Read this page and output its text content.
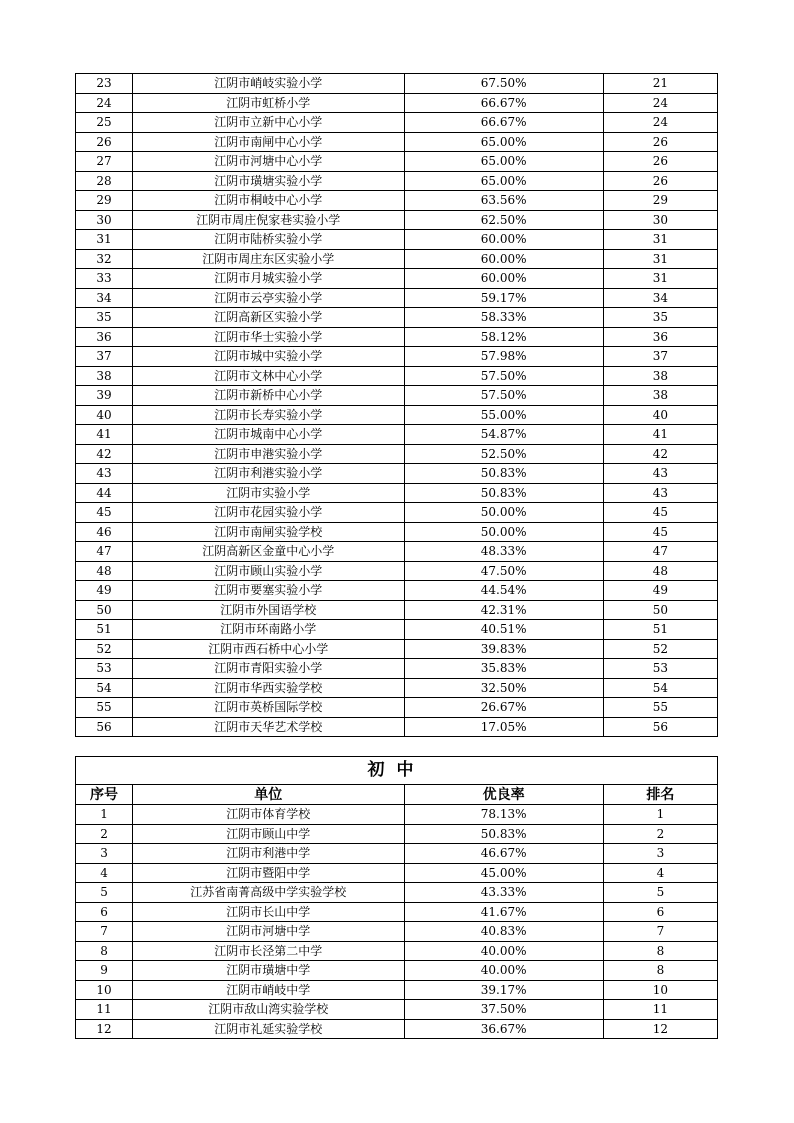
23	江阴市峭岐实验小学	67.50%	21
24	江阴市虹桥小学	66.67%	24
25	江阴市立新中心小学	66.67%	24
26	江阴市南闸中心小学	65.00%	26
27	江阴市河塘中心小学	65.00%	26
28	江阴市璜塘实验小学	65.00%	26
29	江阴市桐岐中心小学	63.56%	29
30	江阴市周庄倪家巷实验小学	62.50%	30
31	江阴市陆桥实验小学	60.00%	31
32	江阴市周庄东区实验小学	60.00%	31
33	江阴市月城实验小学	60.00%	31
34	江阴市云亭实验小学	59.17%	34
35	江阴高新区实验小学	58.33%	35
36	江阴市华士实验小学	58.12%	36
37	江阴市城中实验小学	57.98%	37
38	江阴市文林中心小学	57.50%	38
39	江阴市新桥中心小学	57.50%	38
40	江阴市长寿实验小学	55.00%	40
41	江阴市城南中心小学	54.87%	41
42	江阴市申港实验小学	52.50%	42
43	江阴市利港实验小学	50.83%	43
44	江阴市实验小学	50.83%	43
45	江阴市花园实验小学	50.00%	45
46	江阴市南闸实验学校	50.00%	45
47	江阴高新区金童中心小学	48.33%	47
48	江阴市顾山实验小学	47.50%	48
49	江阴市要塞实验小学	44.54%	49
50	江阴市外国语学校	42.31%	50
51	江阴市环南路小学	40.51%	51
52	江阴市西石桥中心小学	39.83%	52
53	江阴市青阳实验小学	35.83%	53
54	江阴市华西实验学校	32.50%	54
55	江阴市英桥国际学校	26.67%	55
56	江阴市天华艺术学校	17.05%	56
初中			
序号	单位	优良率	排名
1	江阴市体育学校	78.13%	1
2	江阴市顾山中学	50.83%	2
3	江阴市利港中学	46.67%	3
4	江阴市暨阳中学	45.00%	4
5	江苏省南菁高级中学实验学校	43.33%	5
6	江阴市长山中学	41.67%	6
7	江阴市河塘中学	40.83%	7
8	江阴市长泾第二中学	40.00%	8
9	江阴市璜塘中学	40.00%	8
10	江阴市峭岐中学	39.17%	10
11	江阴市敌山湾实验学校	37.50%	11
12	江阴市礼延实验学校	36.67%	12
